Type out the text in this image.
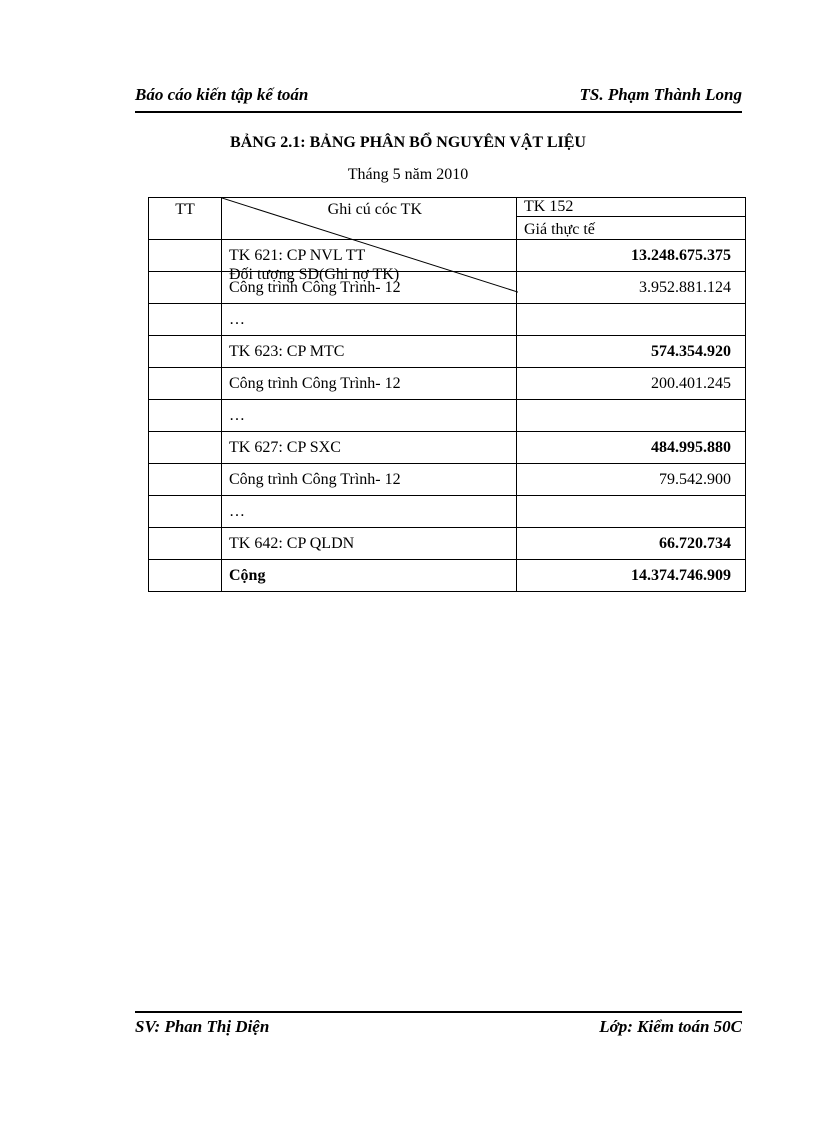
Báo cáo kiến tập kế toán	TS. Phạm Thành Long
BẢNG 2.1: BẢNG PHÂN BỔ NGUYÊN VẬT LIỆU
Tháng 5 năm 2010
TT	Ghi cú cóc TK
Đối tượng SD(Ghi nợ TK)	TK 152
		Giá thực tế
	TK 621: CP NVL TT	13.248.675.375
	Công trình Công Trình- 12	3.952.881.124
	…	
	TK 623: CP MTC	574.354.920
	Công trình Công Trình- 12	200.401.245
	…	
	TK 627: CP SXC	484.995.880
	Công trình Công Trình- 12	79.542.900
	…	
	TK 642: CP QLDN	66.720.734
	Cộng	14.374.746.909
SV: Phan Thị Diện	Lớp: Kiểm toán 50C
